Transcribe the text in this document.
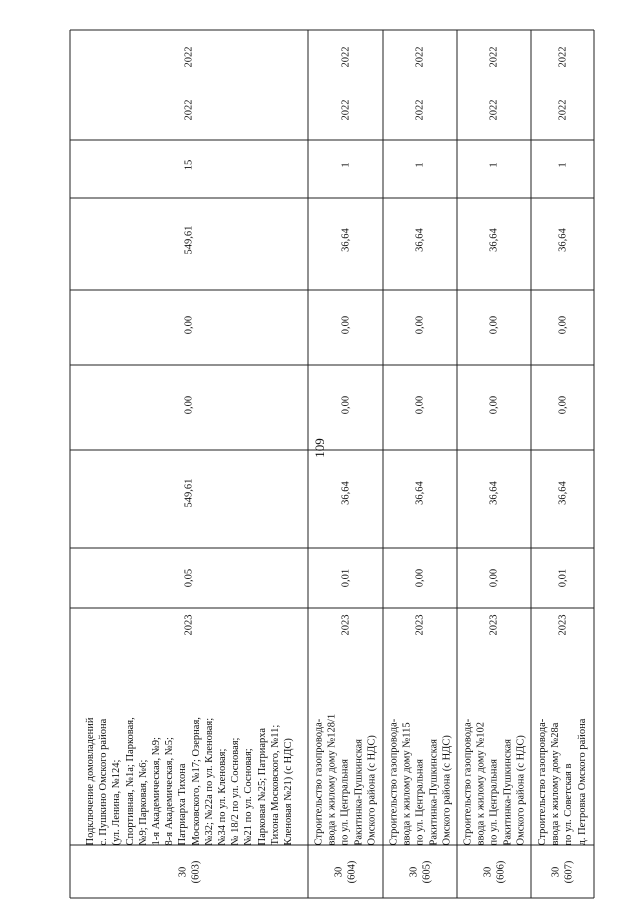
109
30
(603)
Подключение домовладений
с. Пушкино Омского района
(ул. Ленина, №124;
Спортивная, №1а; Парковая,
№9; Парковая, №6;
1-я Академическая, №9;
8-я Академическая, №5;
Патриарха Тихона
Московского, №17; Озерная,
№32; №22а по ул. Кленовая;
№34 по ул. Кленовая;
№ 18/2 по ул. Сосновая;
№21 по ул. Сосновая;
Парковая №25; Патриарха
Тихона Московского, №11;
Кленовая №21) (с НДС)
2023
0,05
549,61
0,00
0,00
549,61
15
2022
2022
30
(604)
Строительство газопровода-
ввода к жилому дому №128/1
по ул. Центральная
Ракитинка-Пушкинская
Омского района (с НДС)
2023
0,01
36,64
0,00
0,00
36,64
1
2022
2022
30
(605)
Строительство газопровода-
ввода к жилому дому №115
по ул. Центральная
Ракитинка-Пушкинская
Омского района (с НДС)
2023
0,00
36,64
0,00
0,00
36,64
1
2022
2022
30
(606)
Строительство газопровода-
ввода к жилому дому №102
по ул. Центральная
Ракитинка-Пушкинская
Омского района (с НДС)
2023
0,00
36,64
0,00
0,00
36,64
1
2022
2022
30
(607)
Строительство газопровода-
ввода к жилому дому №28а
по ул. Советская в
д. Петровка Омского района
2023
0,01
36,64
0,00
0,00
36,64
1
2022
2022
